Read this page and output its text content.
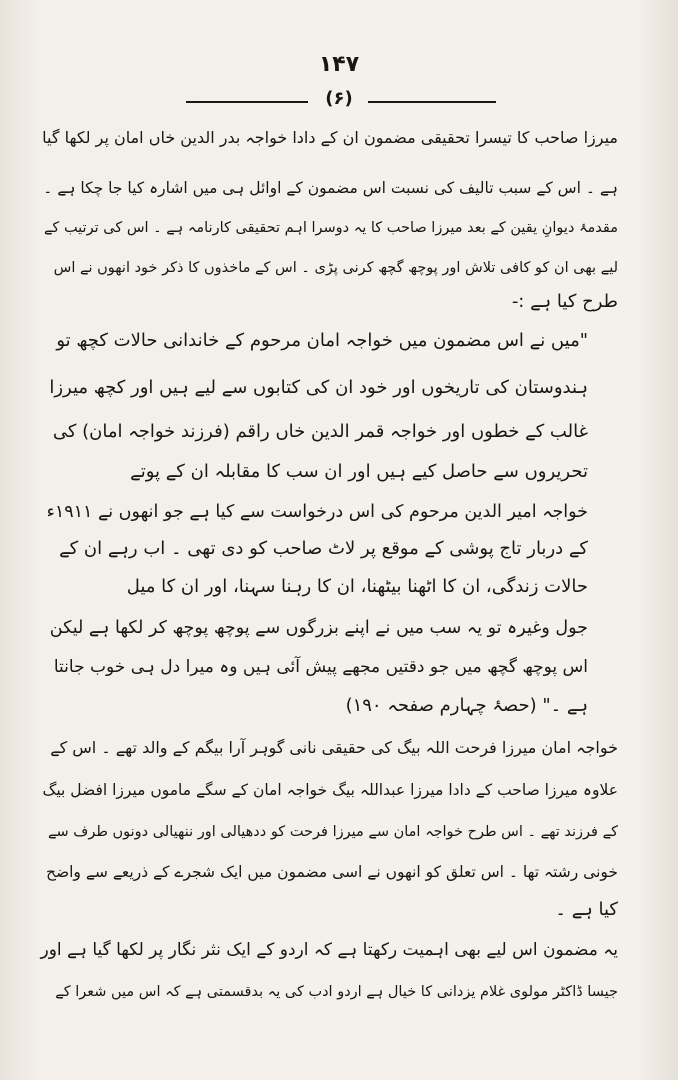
۱۴۷
(۶)

میرزا صاحب کا تیسرا تحقیقی مضمون ان کے دادا خواجہ بدر الدین خاں امان پر لکھا گیا

ہے ۔ اس کے سبب تالیف کی نسبت اس مضمون کے اوائل ہی میں اشارہ کیا جا چکا ہے ۔

مقدمۂ دیوانِ یقین کے بعد میرزا صاحب کا یہ دوسرا اہم تحقیقی کارنامہ ہے ۔ اس کی ترتیب کے

لیے بھی ان کو کافی تلاش اور پوچھ گچھ کرنی پڑی ۔ اس کے ماخذوں کا ذکر خود انھوں نے اس

طرح کیا ہے :-

"میں نے اس مضمون میں خواجہ امان مرحوم کے خاندانی حالات کچھ تو

ہندوستان کی تاریخوں اور خود ان کی کتابوں سے لیے ہیں اور کچھ میرزا

غالب کے خطوں اور خواجہ قمر الدین خاں راقم (فرزند خواجہ امان) کی

تحریروں سے حاصل کیے ہیں اور ان سب کا مقابلہ ان کے پوتے

خواجہ امیر الدین مرحوم کی اس درخواست سے کیا ہے جو انھوں نے ۱۹۱۱ء

کے دربار تاج پوشی کے موقع پر لاٹ صاحب کو دی تھی ۔ اب رہے ان کے

حالات زندگی، ان کا اٹھنا بیٹھنا، ان کا رہنا سہنا، اور ان کا میل

جول وغیرہ تو یہ سب میں نے اپنے بزرگوں سے پوچھ پوچھ کر لکھا ہے لیکن

اس پوچھ گچھ میں جو دقتیں مجھے پیش آئی ہیں وہ میرا دل ہی خوب جانتا

ہے ۔" (حصۂ چہارم صفحہ ۱۹۰)

خواجہ امان میرزا فرحت اللہ بیگ کی حقیقی نانی گوہر آرا بیگم کے والد تھے ۔ اس کے

علاوہ میرزا صاحب کے دادا میرزا عبداللہ بیگ خواجہ امان کے سگے ماموں میرزا افضل بیگ

کے فرزند تھے ۔ اس طرح خواجہ امان سے میرزا فرحت کو ددھیالی اور ننھیالی دونوں طرف سے

خونی رشتہ تھا ۔ اس تعلق کو انھوں نے اسی مضمون میں ایک شجرے کے ذریعے سے واضح

کیا ہے ۔

یہ مضمون اس لیے بھی اہمیت رکھتا ہے کہ اردو کے ایک نثر نگار پر لکھا گیا ہے اور

جیسا ڈاکٹر مولوی غلام یزدانی کا خیال ہے اردو ادب کی یہ بدقسمتی ہے کہ اس میں شعرا کے
